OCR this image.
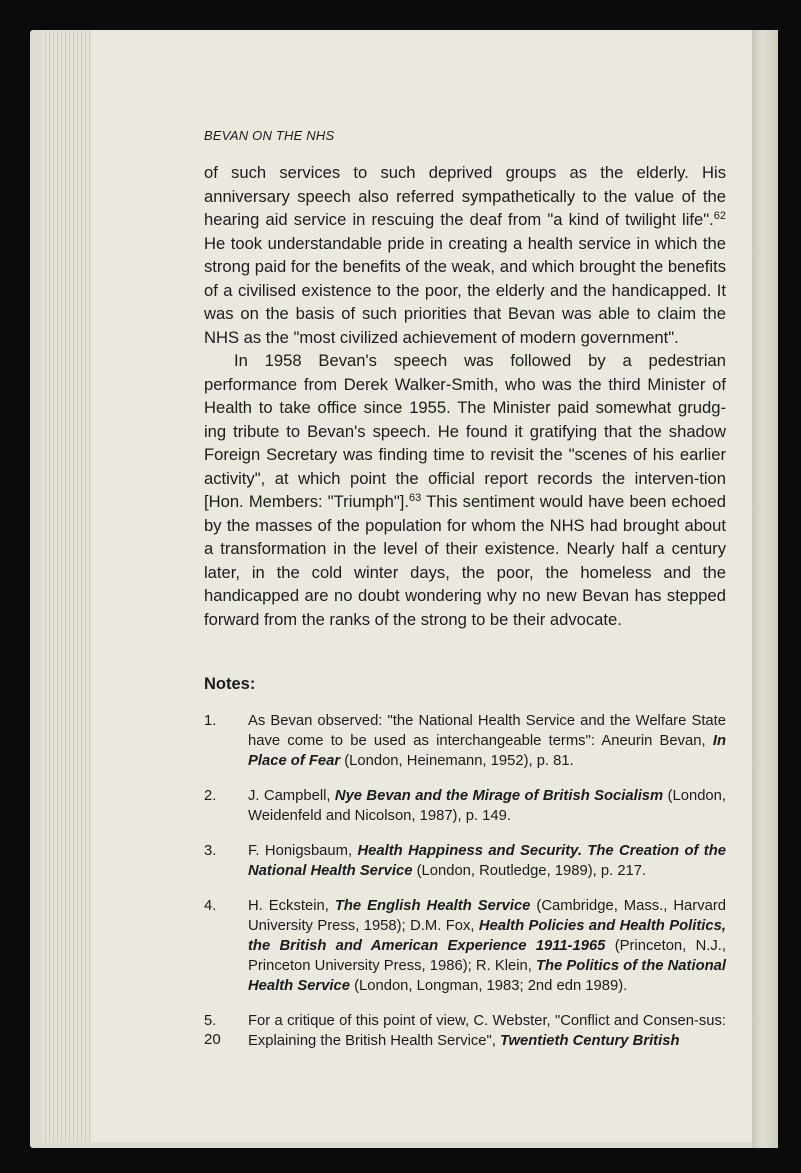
BEVAN ON THE NHS

of such services to such deprived groups as the elderly. His anniversary speech also referred sympathetically to the value of the hearing aid service in rescuing the deaf from "a kind of twilight life".$^{62}$ He took understandable pride in creating a health service in which the strong paid for the benefits of the weak, and which brought the benefits of a civilised existence to the poor, the elderly and the handicapped. It was on the basis of such priorities that Bevan was able to claim the NHS as the "most civilized achievement of modern government".

In 1958 Bevan's speech was followed by a pedestrian performance from Derek Walker-Smith, who was the third Minister of Health to take office since 1955. The Minister paid somewhat grudg-ing tribute to Bevan's speech. He found it gratifying that the shadow Foreign Secretary was finding time to revisit the "scenes of his earlier activity", at which point the official report records the interven-tion [Hon. Members: "Triumph"].$^{63}$ This sentiment would have been echoed by the masses of the population for whom the NHS had brought about a transformation in the level of their existence. Nearly half a century later, in the cold winter days, the poor, the homeless and the handicapped are no doubt wondering why no new Bevan has stepped forward from the ranks of the strong to be their advocate.

Notes:
1.	As Bevan observed: "the National Health Service and the Welfare State have come to be used as interchangeable terms": Aneurin Bevan, In Place of Fear (London, Heinemann, 1952), p. 81.
2.	J. Campbell, Nye Bevan and the Mirage of British Socialism (London, Weidenfeld and Nicolson, 1987), p. 149.
3.	F. Honigsbaum, Health Happiness and Security. The Creation of the National Health Service (London, Routledge, 1989), p. 217.
4.	H. Eckstein, The English Health Service (Cambridge, Mass., Harvard University Press, 1958); D.M. Fox, Health Policies and Health Politics, the British and American Experience 1911-1965 (Princeton, N.J., Princeton University Press, 1986); R. Klein, The Politics of the National Health Service (London, Longman, 1983; 2nd edn 1989).
5.	For a critique of this point of view, C. Webster, "Conflict and Consen-sus: Explaining the British Health Service", Twentieth Century British
20
